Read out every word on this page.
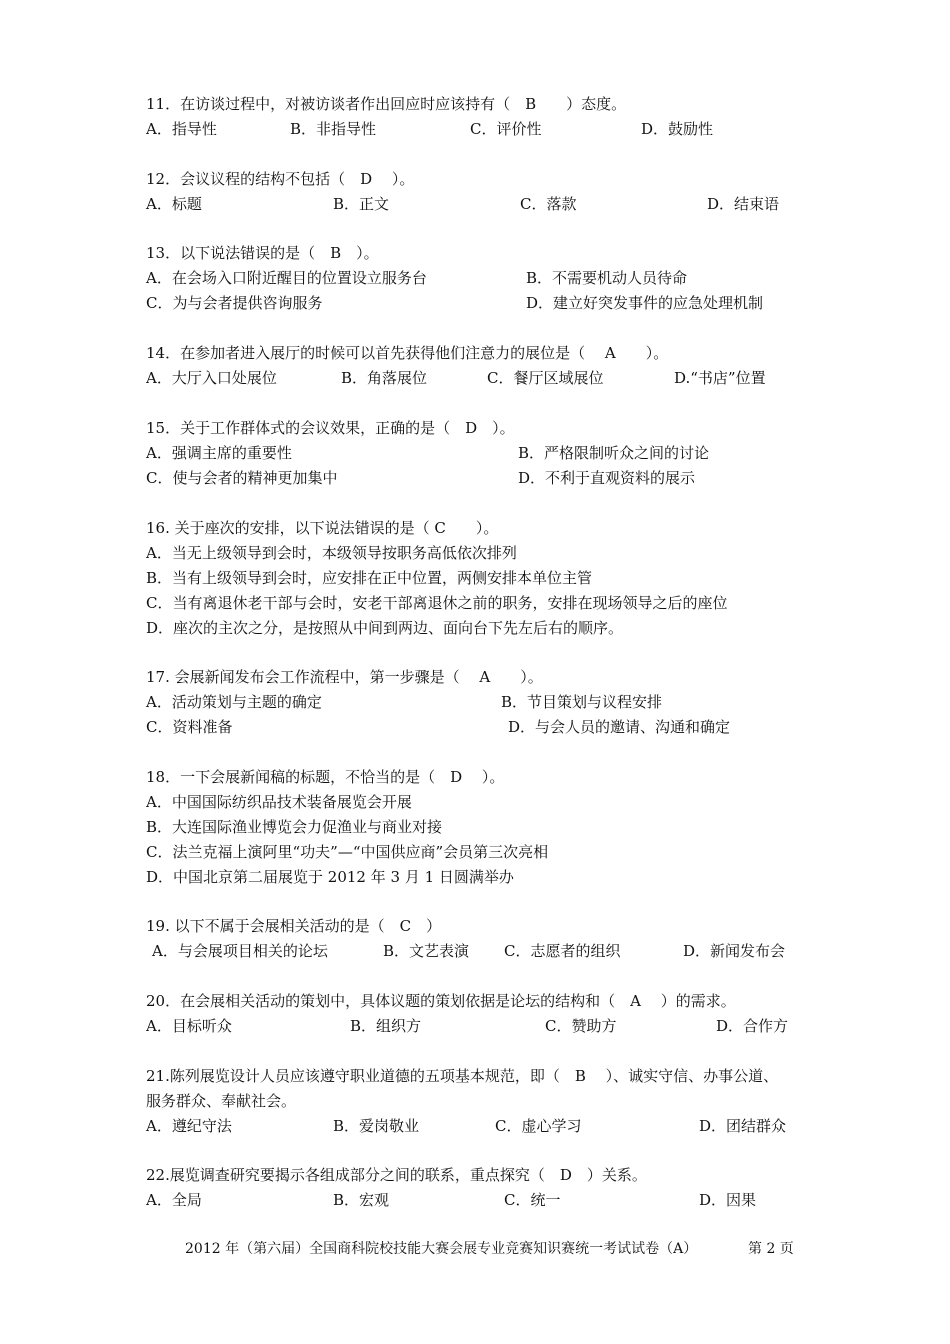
11．在访谈过程中，对被访谈者作出回应时应该持有（　B　　）态度。
A．指导性	B．非指导性	C．评价性	D．鼓励性
12．会议议程的结构不包括（　D　 ）。
A．标题	B．正文	C．落款	D．结束语
13．以下说法错误的是（　B　）。
A．在会场入口附近醒目的位置设立服务台	B．不需要机动人员待命
C．为与会者提供咨询服务	D．建立好突发事件的应急处理机制
14．在参加者进入展厅的时候可以首先获得他们注意力的展位是（　 A　　）。
A．大厅入口处展位	B．角落展位	C．餐厅区域展位	D.“书店”位置
15．关于工作群体式的会议效果，正确的是（　D　）。
A．强调主席的重要性	B．严格限制听众之间的讨论
C．使与会者的精神更加集中	D．不利于直观资料的展示
16. 关于座次的安排，以下说法错误的是（ C　　）。
A．当无上级领导到会时，本级领导按职务高低依次排列
B．当有上级领导到会时，应安排在正中位置，两侧安排本单位主管
C．当有离退休老干部与会时，安老干部离退休之前的职务，安排在现场领导之后的座位
D．座次的主次之分，是按照从中间到两边、面向台下先左后右的顺序。
17. 会展新闻发布会工作流程中，第一步骤是（　 A　　）。
A．活动策划与主题的确定	B．节目策划与议程安排
C．资料准备	D．与会人员的邀请、沟通和确定
18．一下会展新闻稿的标题，不恰当的是（　D　 ）。
A．中国国际纺织品技术装备展览会开展
B．大连国际渔业博览会力促渔业与商业对接
C．法兰克福上演阿里“功夫”—“中国供应商”会员第三次亮相
D．中国北京第二届展览于 2012 年 3 月 1 日圆满举办
19. 以下不属于会展相关活动的是（　C　）
A．与会展项目相关的论坛	B．文艺表演 C．志愿者的组织	D．新闻发布会
20．在会展相关活动的策划中，具体议题的策划依据是论坛的结构和（　A　 ）的需求。
A．目标听众	B．组织方	C．赞助方	D．合作方
21.陈列展览设计人员应该遵守职业道德的五项基本规范，即（　B　 ）、诚实守信、办事公道、
服务群众、奉献社会。
A．遵纪守法	B．爱岗敬业	C．虚心学习	D．团结群众
22.展览调查研究要揭示各组成部分之间的联系，重点探究（　D　）关系。
A．全局	B．宏观	C．统一	D．因果
2012 年（第六届）全国商科院校技能大赛会展专业竞赛知识赛统一考试试卷（A）	第 2 页
